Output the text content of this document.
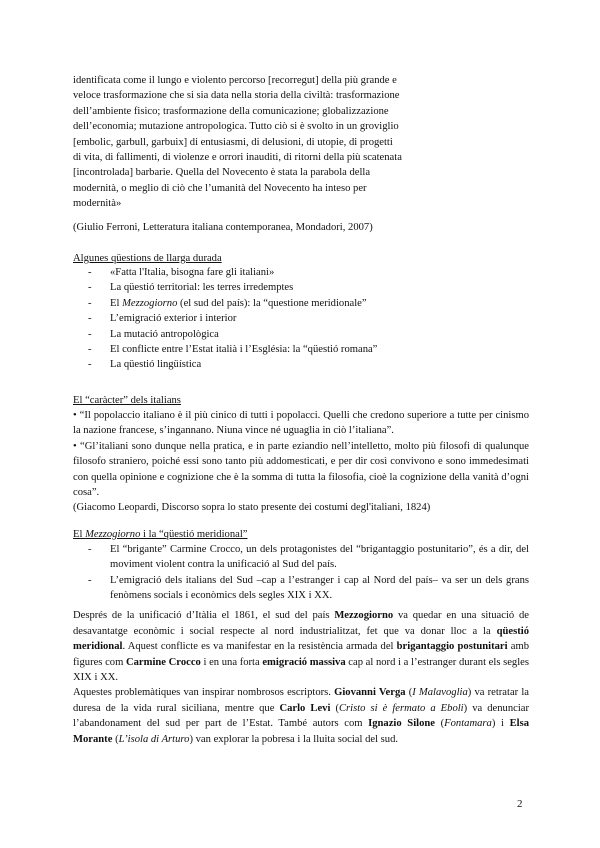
identificata come il lungo e violento percorso [recorregut] della più grande e veloce trasformazione che si sia data nella storia della civiltà: trasformazione dell’ambiente fisico; trasformazione della comunicazione; globalizzazione dell’economia; mutazione antropologica. Tutto ciò si è svolto in un groviglio [embolic, garbull, garbuix] di entusiasmi, di delusioni, di utopie, di progetti di vita, di fallimenti, di violenze e orrori inauditi, di ritorni della più scatenata [incontrolada] barbarie. Quella del Novecento è stata la parabola della modernità, o meglio di ciò che l’umanità del Novecento ha inteso per modernità»
(Giulio Ferroni, Letteratura italiana contemporanea, Mondadori, 2007)
Algunes qüestions de llarga durada
- «Fatta l'Italia, bisogna fare gli italiani»
- La qüestió territorial: les terres irredemptes
- El Mezzogiorno (el sud del país): la “questione meridionale”
- L’emigració exterior i interior
- La mutació antropològica
- El conflicte entre l’Estat italià i l’Església: la “qüestió romana”
- La qüestió lingüística
El “caràcter” dels italians

• “Il popolaccio italiano è il più cinico di tutti i popolacci. Quelli che credono superiore a tutte per cinismo la nazione francese, s’ingannano. Niuna vince né uguaglia in ciò l’italiana”.

• “Gl’italiani sono dunque nella pratica, e in parte eziandio nell’intelletto, molto più filosofi di qualunque filosofo straniero, poiché essi sono tanto più addomesticati, e per dir così convivono e sono immedesimati con quella opinione e cognizione che è la somma di tutta la filosofia, cioè la cognizione della vanità d’ogni cosa”.

(Giacomo Leopardi, Discorso sopra lo stato presente dei costumi degl'italiani, 1824)

El Mezzogiorno i la “qüestió meridional”
- El “brigante” Carmine Crocco, un dels protagonistes del “brigantaggio postunitario”, és a dir, del moviment violent contra la unificació al Sud del país.
- L’emigració dels italians del Sud –cap a l’estranger i cap al Nord del país– va ser un dels grans fenòmens socials i econòmics dels segles XIX i XX.
Després de la unificació d’Itàlia el 1861, el sud del país Mezzogiorno va quedar en una situació de desavantatge econòmic i social respecte al nord industrialitzat, fet que va donar lloc a la qüestió meridional. Aquest conflicte es va manifestar en la resistència armada del brigantaggio postunitari amb figures com Carmine Crocco i en una forta emigració massiva cap al nord i a l’estranger durant els segles XIX i XX.
Aquestes problemàtiques van inspirar nombrosos escriptors. Giovanni Verga (I Malavoglia) va retratar la duresa de la vida rural siciliana, mentre que Carlo Levi (Cristo si è fermato a Eboli) va denunciar l’abandonament del sud per part de l’Estat. També autors com Ignazio Silone (Fontamara) i Elsa Morante (L’isola di Arturo) van explorar la pobresa i la lluita social del sud.
2
